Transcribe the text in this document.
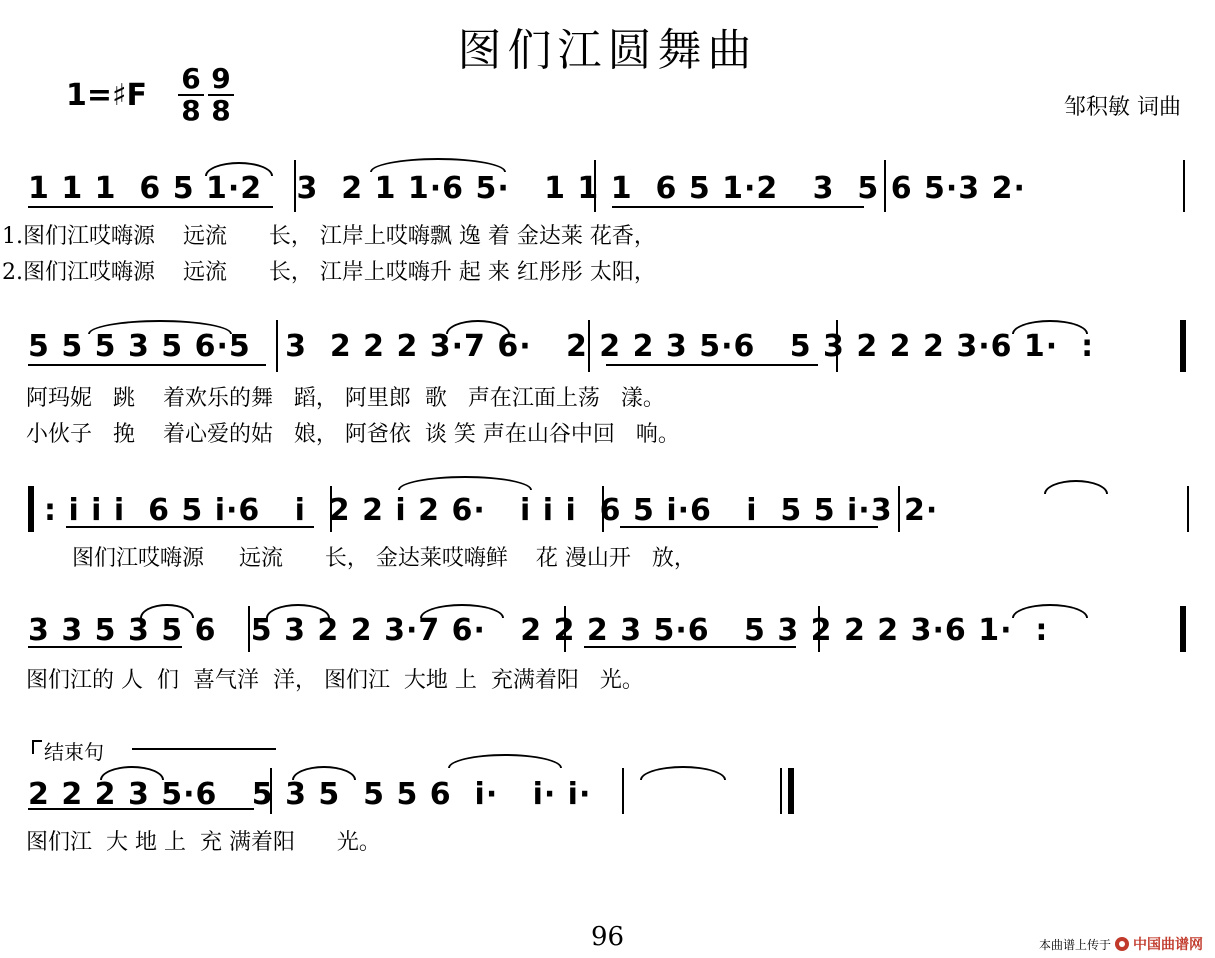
图们江圆舞曲
1=♯F 6
8
9
8	邹积敏 词曲
1 1 1  6 5 1·2   3  2 1 1·6 5·   1 1 1  6 5 1·2   3  5 6 5·3 2·
1.图们江哎嗨源    远流      长， 江岸上哎嗨飘 逸 着 金达莱 花香，
2.图们江哎嗨源    远流      长， 江岸上哎嗨升 起 来 红彤彤 太阳，
5 5 5 3 5 6·5   3  2 2 2 3·7 6·   2 2 2 3 5·6   5 3 2 2 2 3·6 1·  :
阿玛妮   跳    着欢乐的舞   蹈， 阿里郎  歌   声在江面上荡   漾。
小伙子   挽    着心爱的姑   娘， 阿爸依  谈 笑 声在山谷中回   响。
: i i i  6 5 i·6   i  2 2 i 2 6·   i i i  6 5 i·6   i  5 5 i·3 2·
图们江哎嗨源     远流      长， 金达莱哎嗨鲜    花 漫山开   放，
3 3 5 3 5 6   5 3 2 2 3·7 6·   2 2 2 3 5·6   5 3 2 2 2 3·6 1·  :
图们江的 人  们  喜气洋  洋， 图们江  大地 上  充满着阳   光。
结束句
2 2 2 3 5·6   5 3 5  5 5 6  i·   i· i·
图们江  大 地 上  充 满着阳      光。
96	本曲谱上传于 中国曲谱网
